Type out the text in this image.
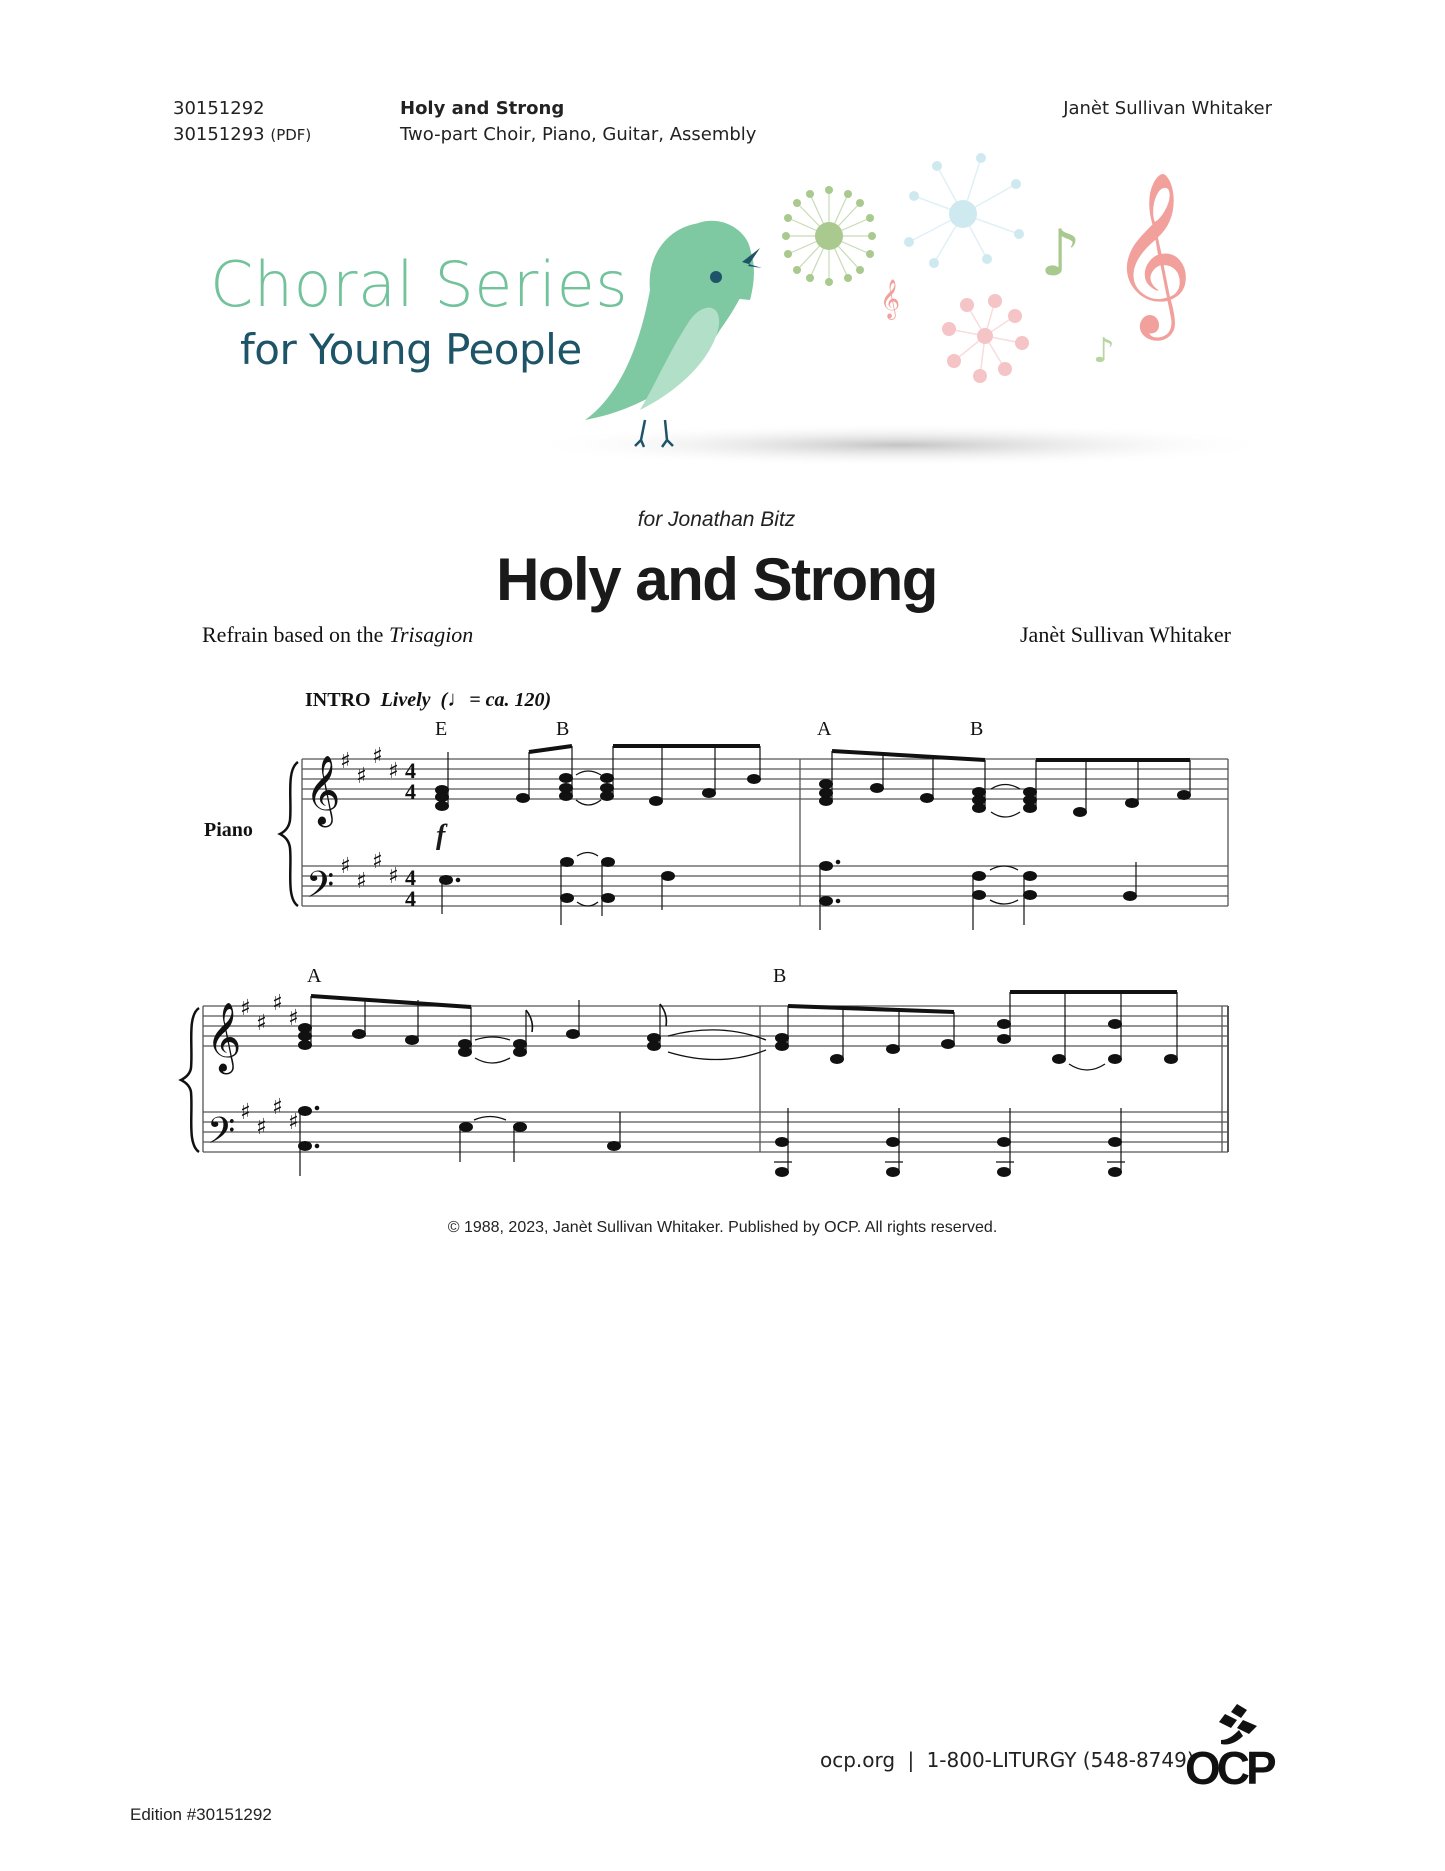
30151292
30151293 (PDF)
Holy and Strong
Two-part Choir, Piano, Guitar, Assembly
Janèt Sullivan Whitaker
Choral Series
for Young People
𝄞
♪ 𝄞
♪
for Jonathan Bitz
Holy and Strong
Refrain based on the Trisagion	Janèt Sullivan Whitaker
INTRO Lively (♩= ca. 120)
E	B	A	B
A	B
Piano	f
𝄞
𝄢
𝄞
𝄢
♯
♯
♯
♯
♯
♯
♯
♯
♯
♯
♯
♯
♯
♯
♯
♯
4
4
4
4
© 1988, 2023, Janèt Sullivan Whitaker. Published by OCP. All rights reserved.
ocp.org | 1-800-LITURGY (548-8749)
OCP
Edition #30151292
